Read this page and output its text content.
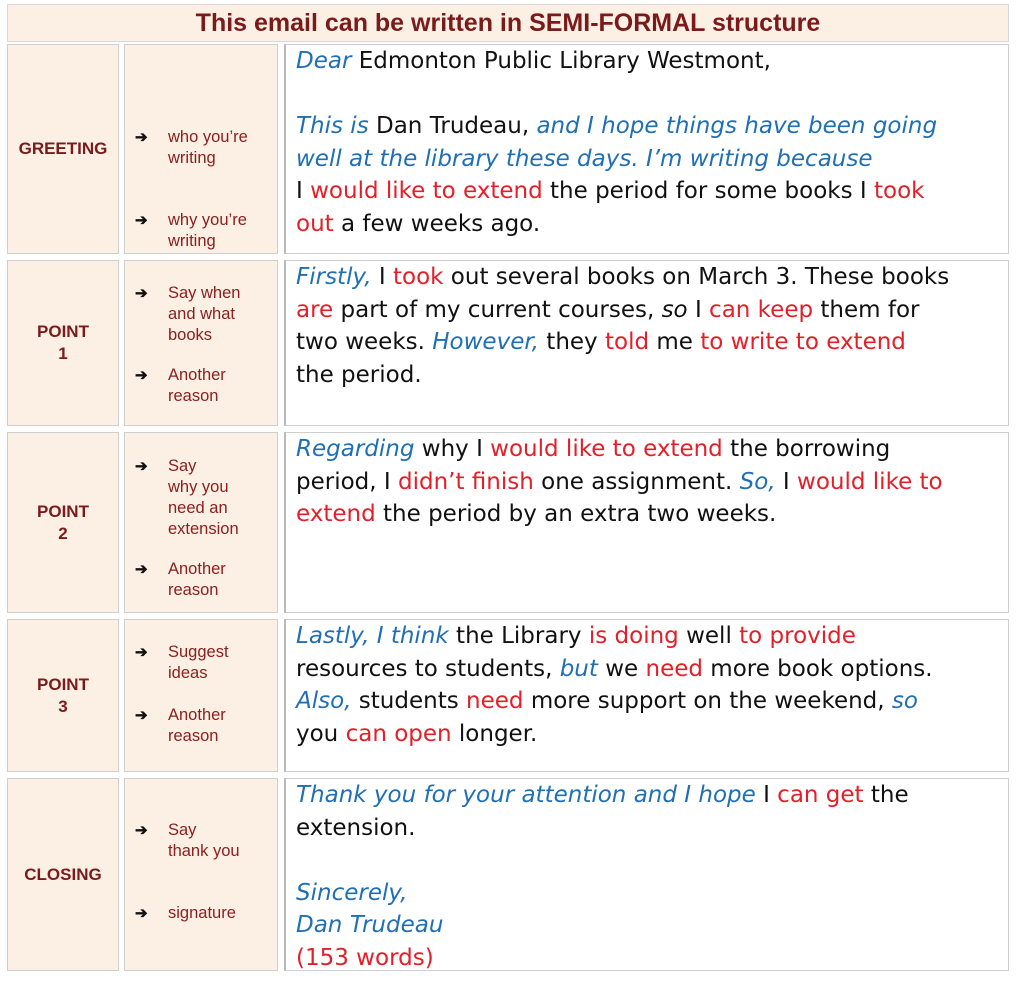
This email can be written in SEMI-FORMAL structure
GREETING
➔ who you’re
writing
➔ why you’re
writing

Dear Edmonton Public Library Westmont,

This is Dan Trudeau, and I hope things have been going

well at the library these days. I’m writing because

I would like to extend the period for some books I took

out a few weeks ago.

POINT
1
➔ Say when
and what
books
➔ Another
reason

Firstly, I took out several books on March 3. These books

are part of my current courses, so I can keep them for

two weeks. However, they told me to write to extend

the period.

POINT
2
➔ Say
why you
need an
extension
➔ Another
reason

Regarding why I would like to extend the borrowing

period, I didn’t finish one assignment. So, I would like to

extend the period by an extra two weeks.

POINT
3
➔ Suggest
ideas
➔ Another
reason

Lastly, I think the Library is doing well to provide

resources to students, but we need more book options.

Also, students need more support on the weekend, so

you can open longer.

CLOSING
➔ Say
thank you
➔ signature

Thank you for your attention and I hope I can get the

extension.

Sincerely,

Dan Trudeau

(153 words)
